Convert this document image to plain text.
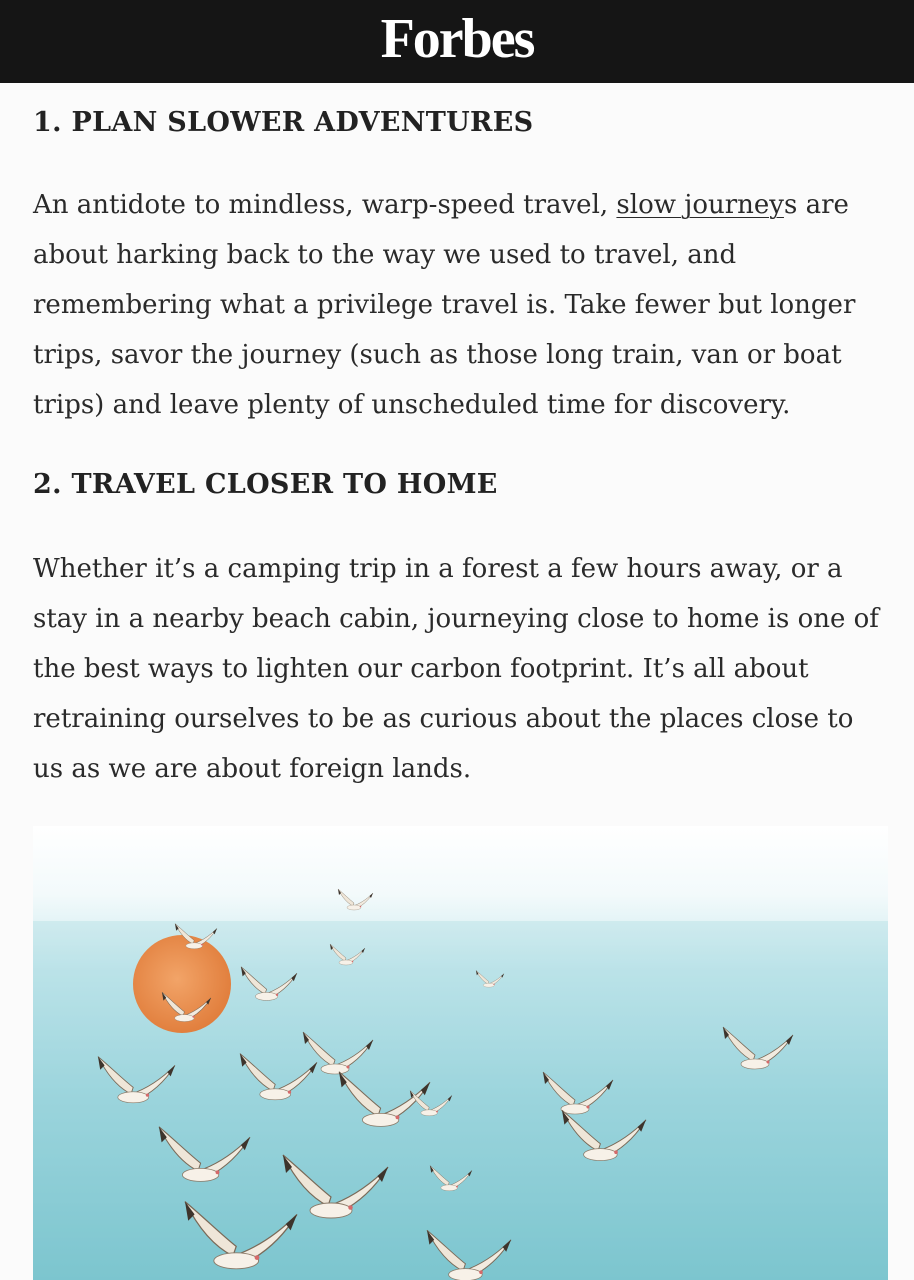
Forbes
1. PLAN SLOWER ADVENTURES

An antidote to mindless, warp-speed travel, slow journeys are about harking back to the way we used to travel, and remembering what a privilege travel is. Take fewer but longer trips, savor the journey (such as those long train, van or boat trips) and leave plenty of unscheduled time for discovery.

2. TRAVEL CLOSER TO HOME

Whether it’s a camping trip in a forest a few hours away, or a stay in a nearby beach cabin, journeying close to home is one of the best ways to lighten our carbon footprint. It’s all about retraining ourselves to be as curious about the places close to us as we are about foreign lands.
